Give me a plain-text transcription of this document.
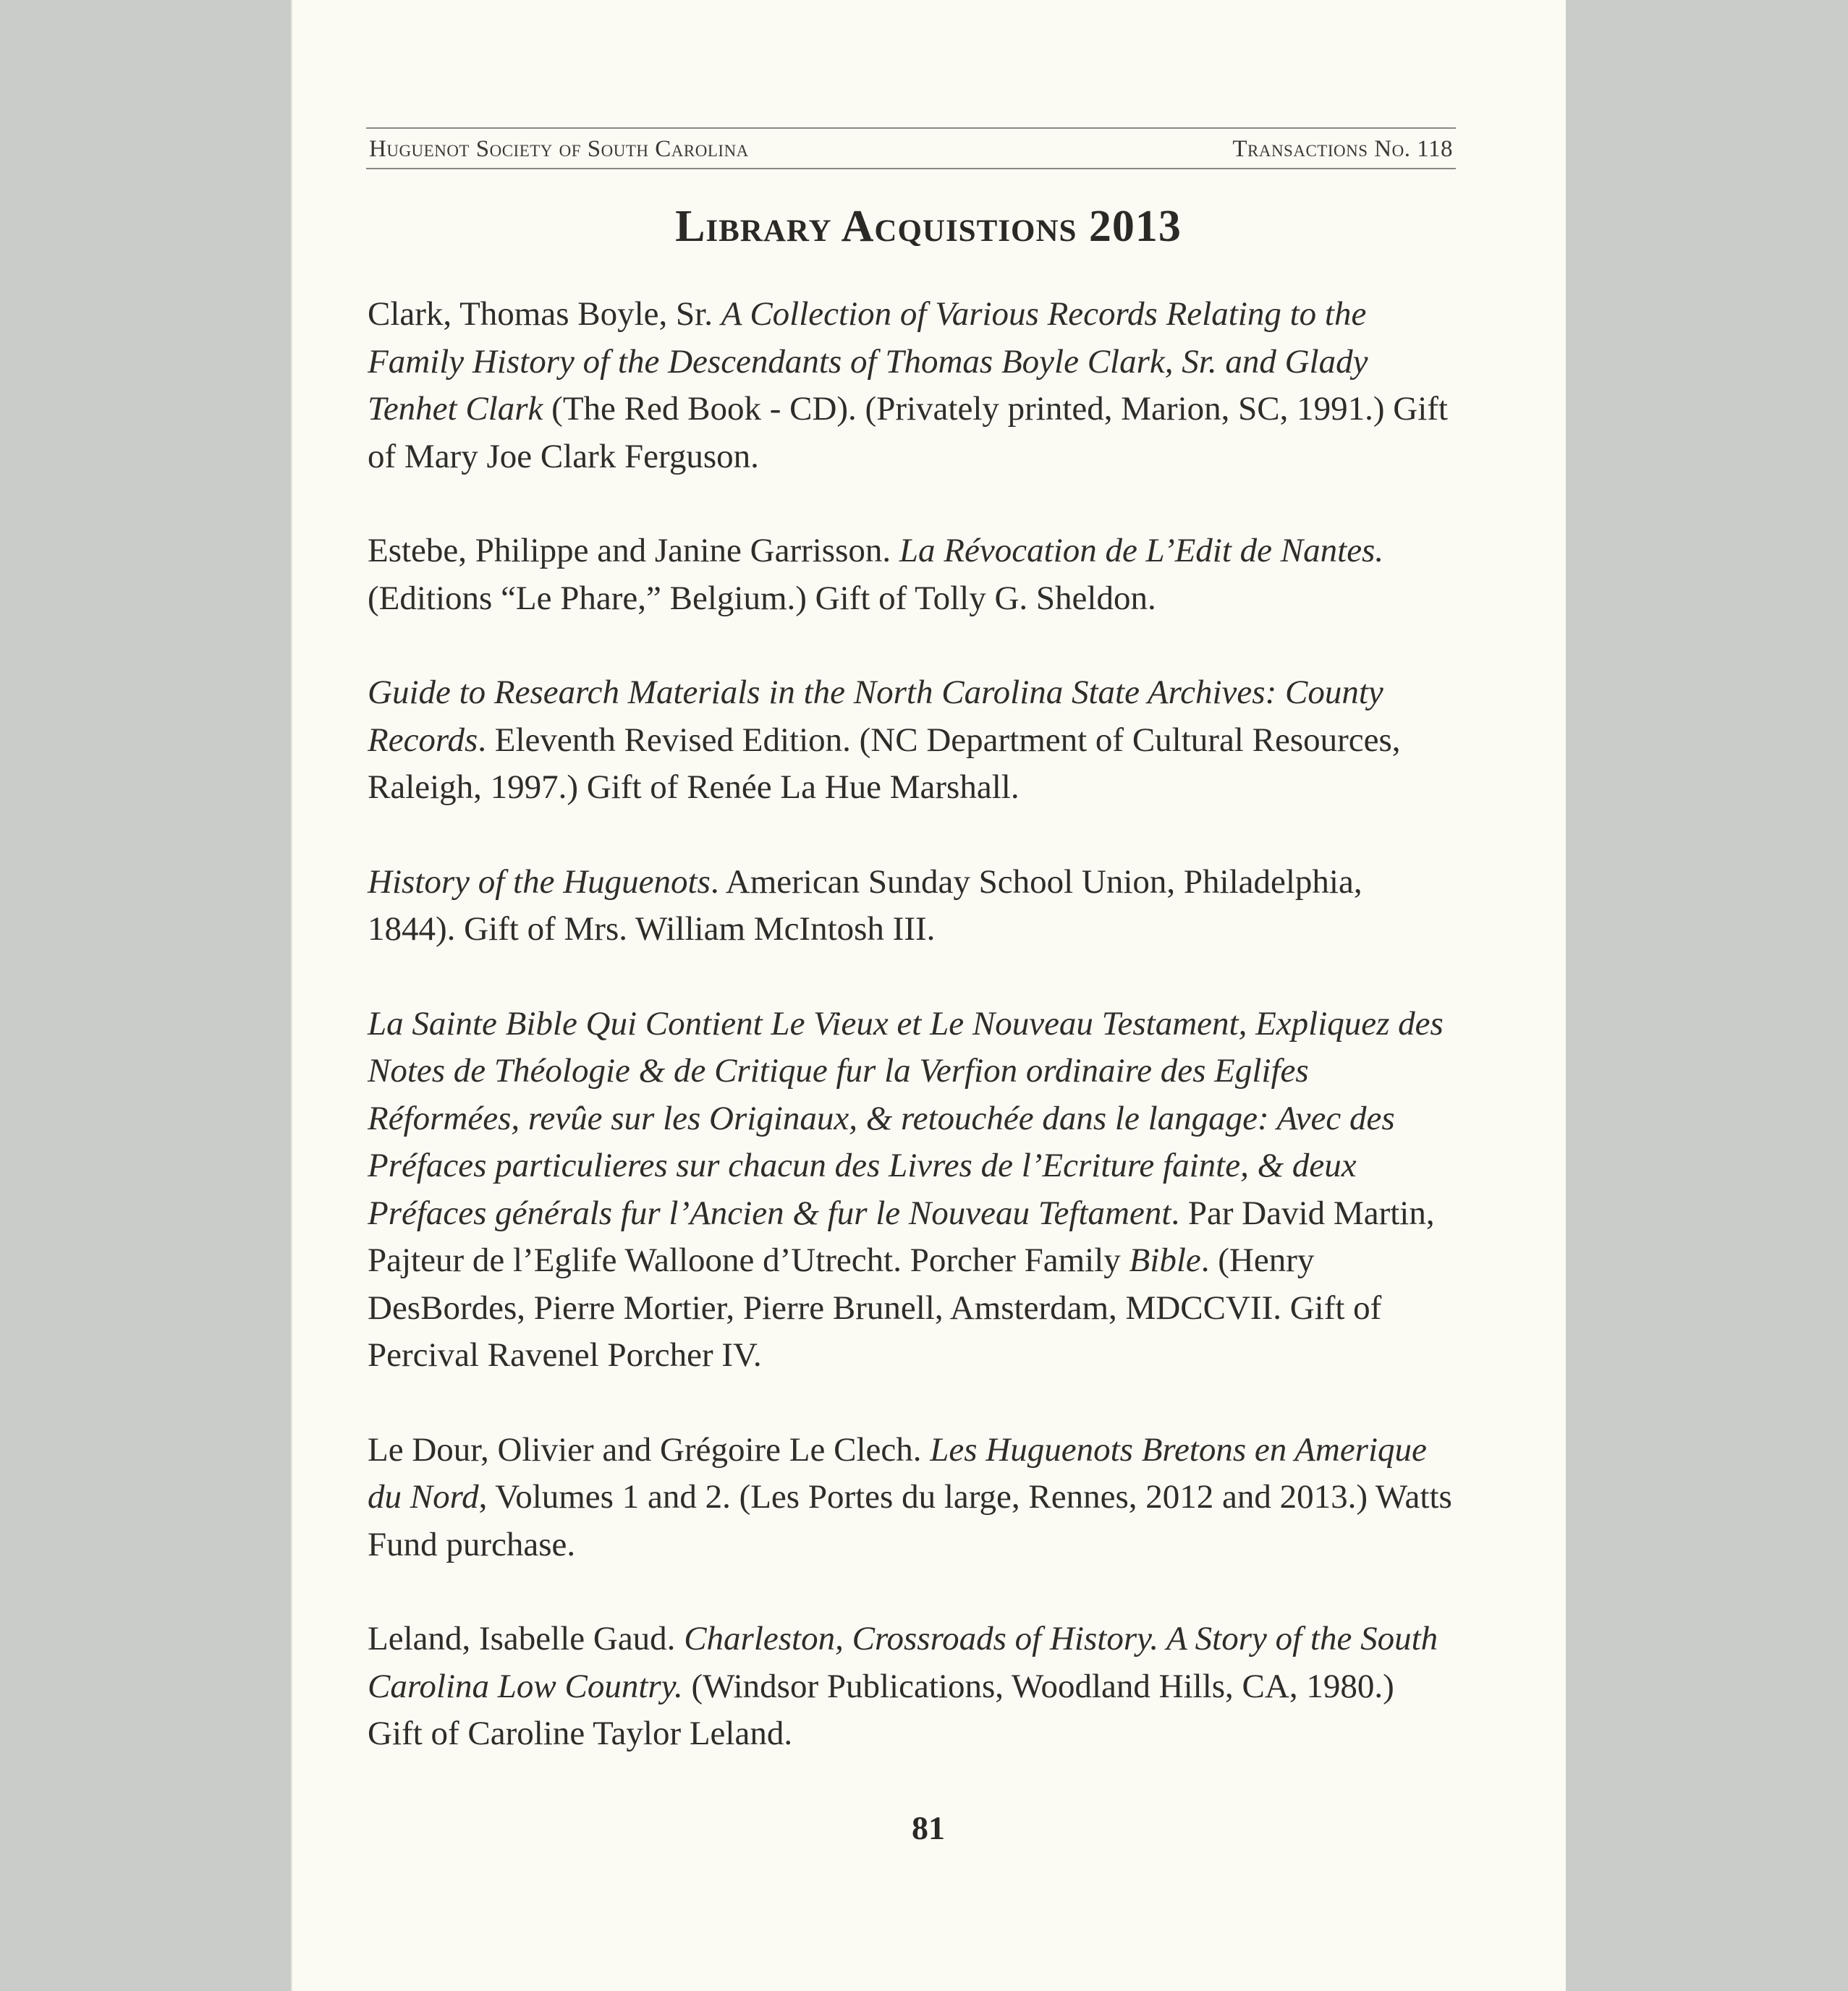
Huguenot Society of South Carolina	Transactions No. 118
Library Acquistions 2013

Clark, Thomas Boyle, Sr. A Collection of Various Records Relating to the Family History of the Descendants of Thomas Boyle Clark, Sr. and Glady Tenhet Clark (The Red Book - CD). (Privately printed, Marion, SC, 1991.) Gift of Mary Joe Clark Ferguson.

Estebe, Philippe and Janine Garrisson. La Révocation de L’Edit de Nantes. (Editions “Le Phare,” Belgium.) Gift of Tolly G. Sheldon.

Guide to Research Materials in the North Carolina State Archives: County Records. Eleventh Revised Edition. (NC Department of Cultural Resources, Raleigh, 1997.) Gift of Renée La Hue Marshall.

History of the Huguenots. American Sunday School Union, Philadelphia, 1844). Gift of Mrs. William McIntosh III.

La Sainte Bible Qui Contient Le Vieux et Le Nouveau Testament, Expliquez des Notes de Théologie & de Critique fur la Verfion ordinaire des Eglifes Réformées, revûe sur les Originaux, & retouchée dans le langage: Avec des Préfaces particulieres sur chacun des Livres de l’Ecriture fainte, & deux Préfaces générals fur l’Ancien & fur le Nouveau Teftament. Par David Martin, Pajteur de l’Eglife Walloone d’Utrecht. Porcher Family Bible. (Henry DesBordes, Pierre Mortier, Pierre Brunell, Amsterdam, MDCCVII. Gift of Percival Ravenel Porcher IV.

Le Dour, Olivier and Grégoire Le Clech. Les Huguenots Bretons en Amerique du Nord, Volumes 1 and 2. (Les Portes du large, Rennes, 2012 and 2013.) Watts Fund purchase.

Leland, Isabelle Gaud. Charleston, Crossroads of History. A Story of the South Carolina Low Country. (Windsor Publications, Woodland Hills, CA, 1980.) Gift of Caroline Taylor Leland.

81
